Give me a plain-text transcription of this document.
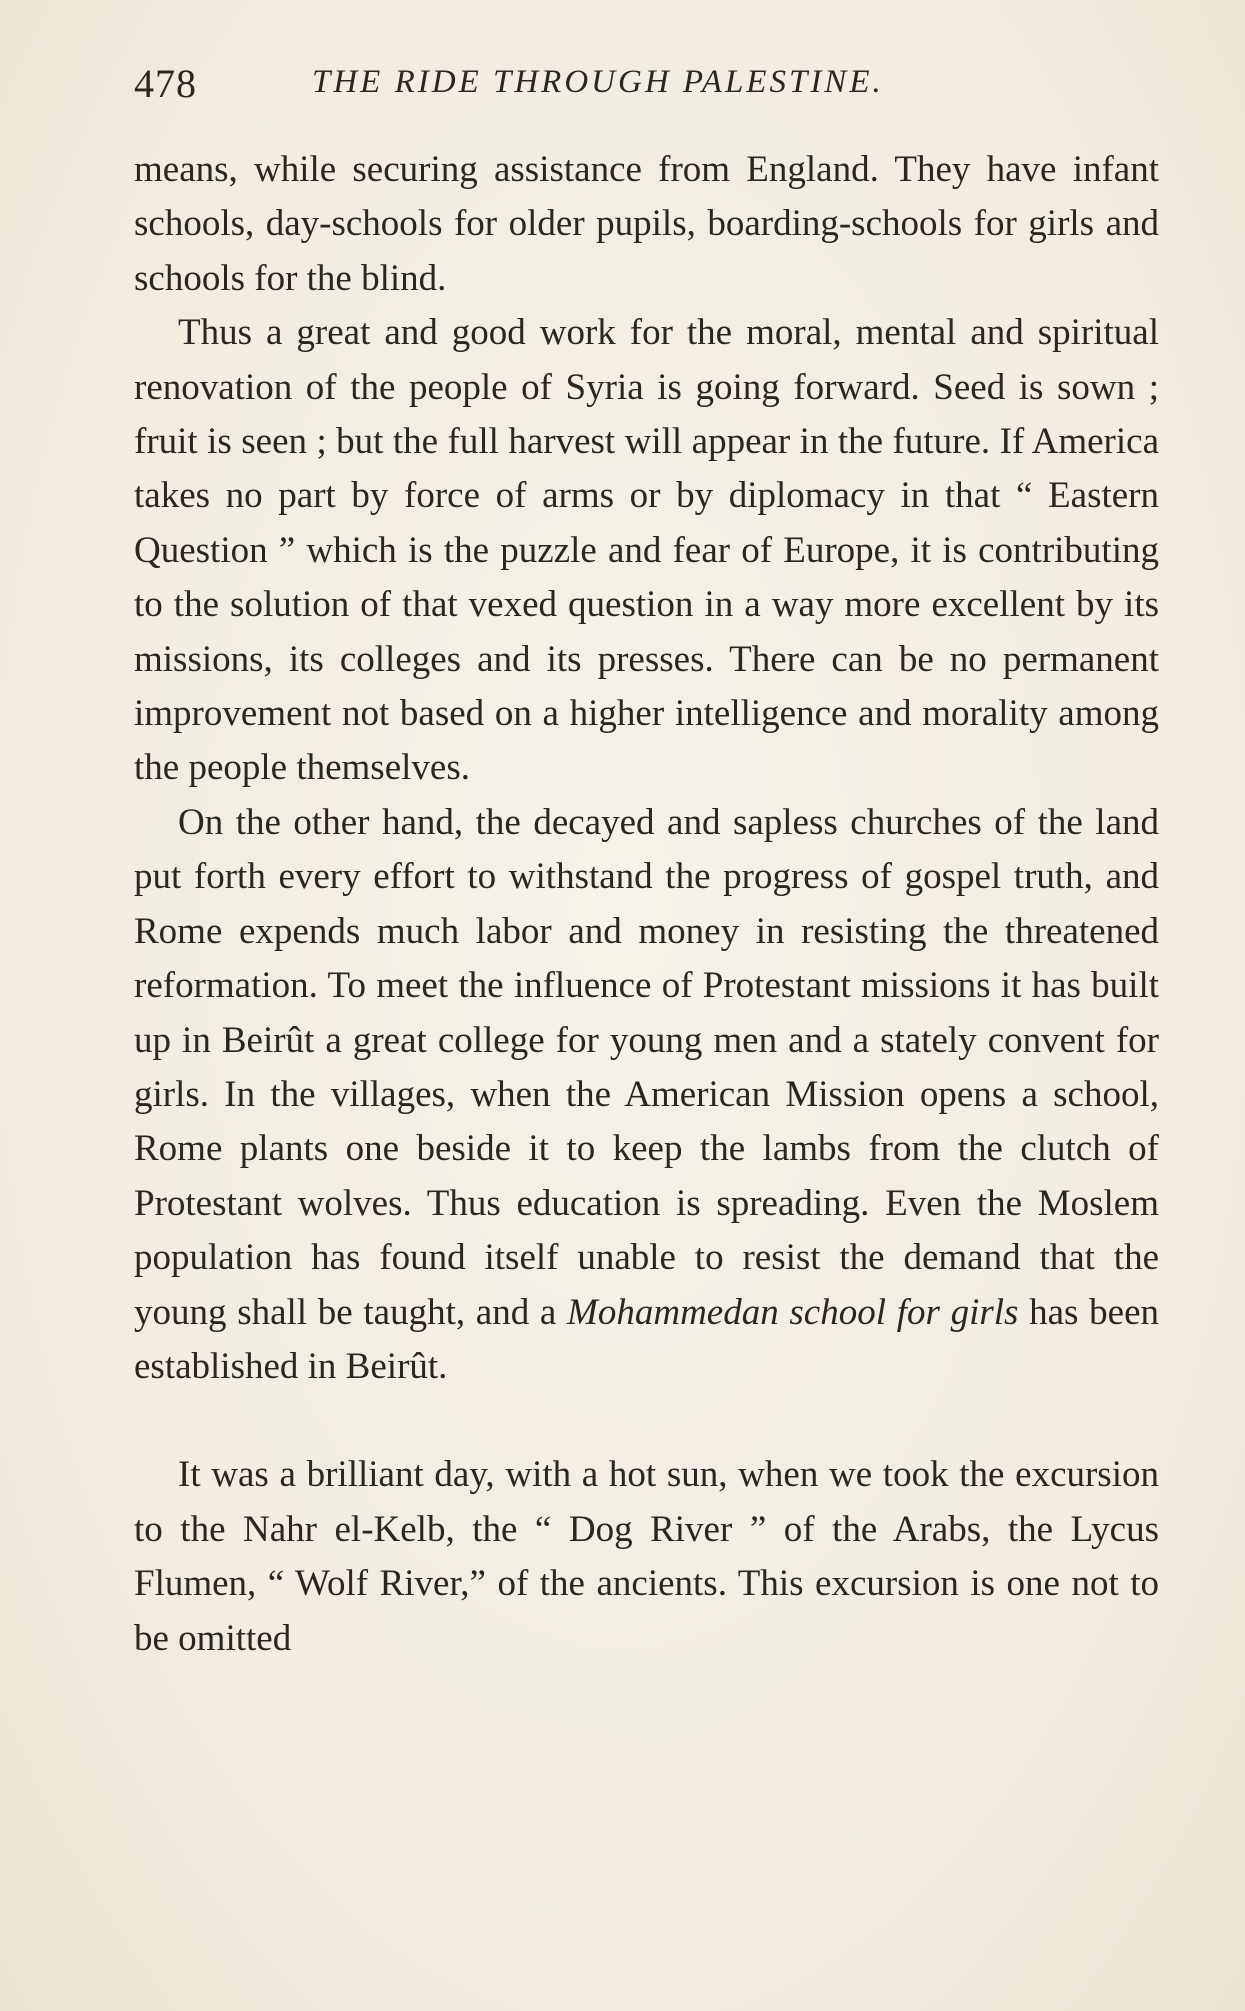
478	THE RIDE THROUGH PALESTINE.

means, while securing assistance from England. They have infant schools, day-schools for older pupils, boarding-schools for girls and schools for the blind.

Thus a great and good work for the moral, mental and spiritual renovation of the people of Syria is going forward. Seed is sown ; fruit is seen ; but the full harvest will appear in the future. If America takes no part by force of arms or by diplomacy in that “ Eastern Question ” which is the puzzle and fear of Europe, it is contributing to the solution of that vexed question in a way more excellent by its missions, its colleges and its presses. There can be no permanent improvement not based on a higher intelligence and morality among the people themselves.

On the other hand, the decayed and sapless churches of the land put forth every effort to withstand the progress of gospel truth, and Rome expends much labor and money in resisting the threatened reformation. To meet the influence of Protestant missions it has built up in Beirût a great college for young men and a stately convent for girls. In the villages, when the American Mission opens a school, Rome plants one beside it to keep the lambs from the clutch of Protestant wolves. Thus education is spreading. Even the Moslem population has found itself unable to resist the demand that the young shall be taught, and a Mohammedan school for girls has been established in Beirût.

It was a brilliant day, with a hot sun, when we took the excursion to the Nahr el-Kelb, the “ Dog River ” of the Arabs, the Lycus Flumen, “ Wolf River,” of the ancients. This excursion is one not to be omitted
